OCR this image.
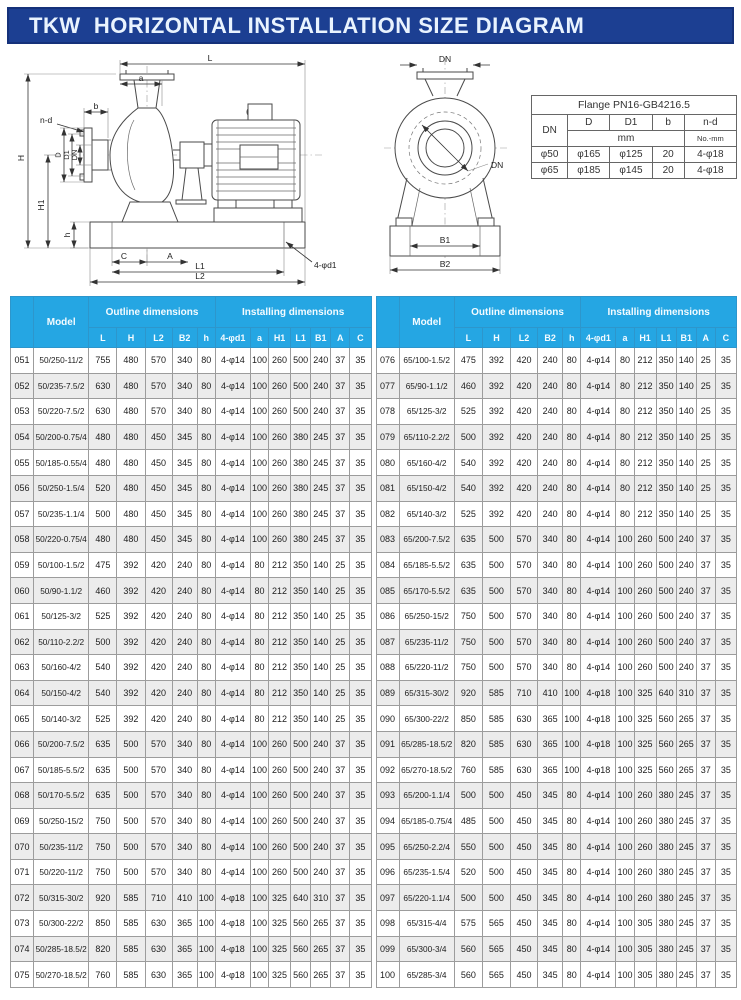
TKW  HORIZONTAL INSTALLATION SIZE DIAGRAM
L
a
b
n-d
H
H1
D D1 DN
h
C	A
L1
L2
4-φd1
DN
DN
B1
B2
Flange PN16-GB4216.5				
DN	D	D1	b	n-d
	mm			No.-mm
φ50	φ165	φ125	20	4-φ18
φ65	φ185	φ145	20	4-φ18
	Model	Outline dimensions					Installing dimensions						
		L	H	L2	B2	h	4-φd1	a	H1	L1	B1	A	C
051	50/250-11/2	755	480	570	340	80	4-φ14	100	260	500	240	37	35
052	50/235-7.5/2	630	480	570	340	80	4-φ14	100	260	500	240	37	35
053	50/220-7.5/2	630	480	570	340	80	4-φ14	100	260	500	240	37	35
054	50/200-0.75/4	480	480	450	345	80	4-φ14	100	260	380	245	37	35
055	50/185-0.55/4	480	480	450	345	80	4-φ14	100	260	380	245	37	35
056	50/250-1.5/4	520	480	450	345	80	4-φ14	100	260	380	245	37	35
057	50/235-1.1/4	500	480	450	345	80	4-φ14	100	260	380	245	37	35
058	50/220-0.75/4	480	480	450	345	80	4-φ14	100	260	380	245	37	35
059	50/100-1.5/2	475	392	420	240	80	4-φ14	80	212	350	140	25	35
060	50/90-1.1/2	460	392	420	240	80	4-φ14	80	212	350	140	25	35
061	50/125-3/2	525	392	420	240	80	4-φ14	80	212	350	140	25	35
062	50/110-2.2/2	500	392	420	240	80	4-φ14	80	212	350	140	25	35
063	50/160-4/2	540	392	420	240	80	4-φ14	80	212	350	140	25	35
064	50/150-4/2	540	392	420	240	80	4-φ14	80	212	350	140	25	35
065	50/140-3/2	525	392	420	240	80	4-φ14	80	212	350	140	25	35
066	50/200-7.5/2	635	500	570	340	80	4-φ14	100	260	500	240	37	35
067	50/185-5.5/2	635	500	570	340	80	4-φ14	100	260	500	240	37	35
068	50/170-5.5/2	635	500	570	340	80	4-φ14	100	260	500	240	37	35
069	50/250-15/2	750	500	570	340	80	4-φ14	100	260	500	240	37	35
070	50/235-11/2	750	500	570	340	80	4-φ14	100	260	500	240	37	35
071	50/220-11/2	750	500	570	340	80	4-φ14	100	260	500	240	37	35
072	50/315-30/2	920	585	710	410	100	4-φ18	100	325	640	310	37	35
073	50/300-22/2	850	585	630	365	100	4-φ18	100	325	560	265	37	35
074	50/285-18.5/2	820	585	630	365	100	4-φ18	100	325	560	265	37	35
075	50/270-18.5/2	760	585	630	365	100	4-φ18	100	325	560	265	37	35
	Model	Outline dimensions					Installing dimensions						
		L	H	L2	B2	h	4-φd1	a	H1	L1	B1	A	C
076	65/100-1.5/2	475	392	420	240	80	4-φ14	80	212	350	140	25	35
077	65/90-1.1/2	460	392	420	240	80	4-φ14	80	212	350	140	25	35
078	65/125-3/2	525	392	420	240	80	4-φ14	80	212	350	140	25	35
079	65/110-2.2/2	500	392	420	240	80	4-φ14	80	212	350	140	25	35
080	65/160-4/2	540	392	420	240	80	4-φ14	80	212	350	140	25	35
081	65/150-4/2	540	392	420	240	80	4-φ14	80	212	350	140	25	35
082	65/140-3/2	525	392	420	240	80	4-φ14	80	212	350	140	25	35
083	65/200-7.5/2	635	500	570	340	80	4-φ14	100	260	500	240	37	35
084	65/185-5.5/2	635	500	570	340	80	4-φ14	100	260	500	240	37	35
085	65/170-5.5/2	635	500	570	340	80	4-φ14	100	260	500	240	37	35
086	65/250-15/2	750	500	570	340	80	4-φ14	100	260	500	240	37	35
087	65/235-11/2	750	500	570	340	80	4-φ14	100	260	500	240	37	35
088	65/220-11/2	750	500	570	340	80	4-φ14	100	260	500	240	37	35
089	65/315-30/2	920	585	710	410	100	4-φ18	100	325	640	310	37	35
090	65/300-22/2	850	585	630	365	100	4-φ18	100	325	560	265	37	35
091	65/285-18.5/2	820	585	630	365	100	4-φ18	100	325	560	265	37	35
092	65/270-18.5/2	760	585	630	365	100	4-φ18	100	325	560	265	37	35
093	65/200-1.1/4	500	500	450	345	80	4-φ14	100	260	380	245	37	35
094	65/185-0.75/4	485	500	450	345	80	4-φ14	100	260	380	245	37	35
095	65/250-2.2/4	550	500	450	345	80	4-φ14	100	260	380	245	37	35
096	65/235-1.5/4	520	500	450	345	80	4-φ14	100	260	380	245	37	35
097	65/220-1.1/4	500	500	450	345	80	4-φ14	100	260	380	245	37	35
098	65/315-4/4	575	565	450	345	80	4-φ14	100	305	380	245	37	35
099	65/300-3/4	560	565	450	345	80	4-φ14	100	305	380	245	37	35
100	65/285-3/4	560	565	450	345	80	4-φ14	100	305	380	245	37	35
